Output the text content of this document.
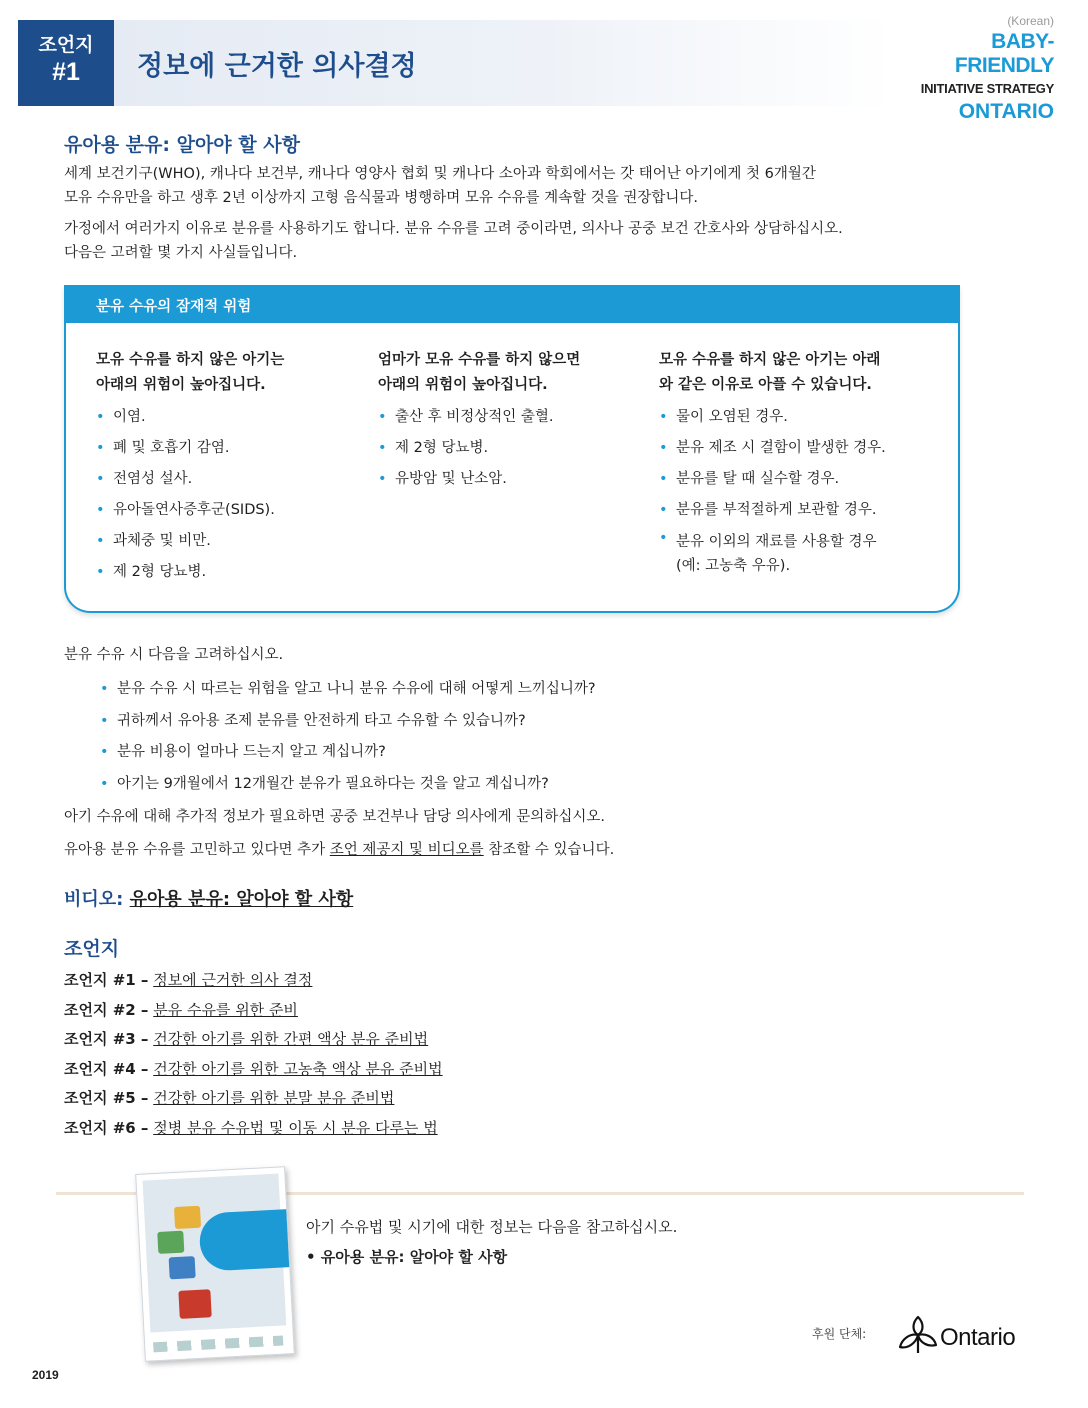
조언지
#1	정보에 근거한 의사결정
(Korean)
BABY-FRIENDLY
INITIATIVE STRATEGY
ONTARIO
유아용 분유: 알아야 할 사항
세계 보건기구(WHO), 캐나다 보건부, 캐나다 영양사 협회 및 캐나다 소아과 학회에서는 갓 태어난 아기에게 첫 6개월간
모유 수유만을 하고 생후 2년 이상까지 고형 음식물과 병행하며 모유 수유를 계속할 것을 권장합니다.
가정에서 여러가지 이유로 분유를 사용하기도 합니다. 분유 수유를 고려 중이라면, 의사나 공중 보건 간호사와 상담하십시오.
다음은 고려할 몇 가지 사실들입니다.
분유 수유의 잠재적 위험
모유 수유를 하지 않은 아기는
아래의 위험이 높아집니다.
• 이염.
• 폐 및 호흡기 감염.
• 전염성 설사.
• 유아돌연사증후군(SIDS).
• 과체중 및 비만.
• 제 2형 당뇨병.
엄마가 모유 수유를 하지 않으면
아래의 위험이 높아집니다.
• 출산 후 비정상적인 출혈.
• 제 2형 당뇨병.
• 유방암 및 난소암.
모유 수유를 하지 않은 아기는 아래
와 같은 이유로 아플 수 있습니다.
• 물이 오염된 경우.
• 분유 제조 시 결함이 발생한 경우.
• 분유를 탈 때 실수할 경우.
• 분유를 부적절하게 보관할 경우.
• 분유 이외의 재료를 사용할 경우
(예: 고농축 우유).
분유 수유 시 다음을 고려하십시오.
• 분유 수유 시 따르는 위험을 알고 나니 분유 수유에 대해 어떻게 느끼십니까?
• 귀하께서 유아용 조제 분유를 안전하게 타고 수유할 수 있습니까?
• 분유 비용이 얼마나 드는지 알고 계십니까?
• 아기는 9개월에서 12개월간 분유가 필요하다는 것을 알고 계십니까?
아기 수유에 대해 추가적 정보가 필요하면 공중 보건부나 담당 의사에게 문의하십시오.
유아용 분유 수유를 고민하고 있다면 추가 조언 제공지 및 비디오를 참조할 수 있습니다.
비디오: 유아용 분유: 알아야 할 사항
조언지
조언지 #1 – 정보에 근거한 의사 결정
조언지 #2 – 분유 수유를 위한 준비
조언지 #3 – 건강한 아기를 위한 간편 액상 분유 준비법
조언지 #4 – 건강한 아기를 위한 고농축 액상 분유 준비법
조언지 #5 – 건강한 아기를 위한 분말 분유 준비법
조언지 #6 – 젖병 분유 수유법 및 이동 시 분유 다루는 법
아기 수유법 및 시기에 대한 정보는 다음을 참고하십시오.
• 유아용 분유: 알아야 할 사항
후원 단체:	Ontario
2019
